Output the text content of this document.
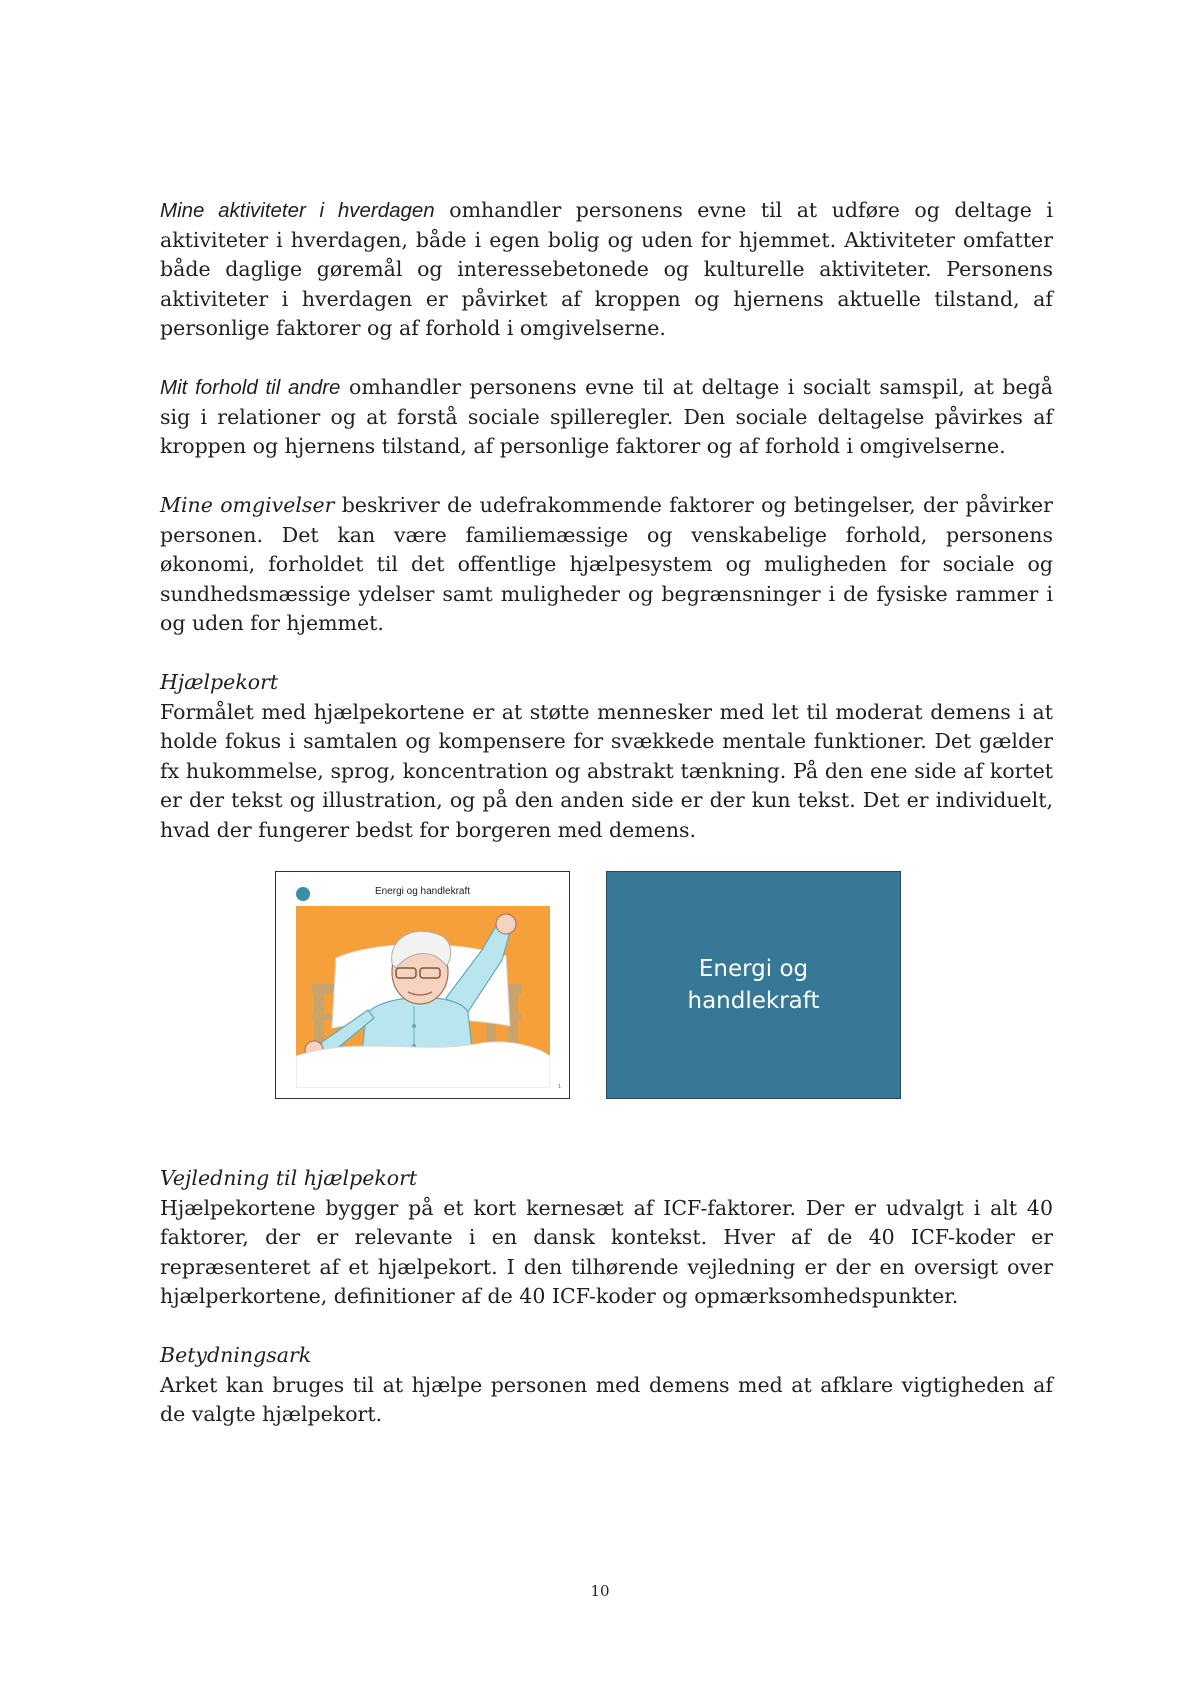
Mine aktiviteter i hverdagen omhandler personens evne til at udføre og deltage i aktiviteter i hverdagen, både i egen bolig og uden for hjemmet. Aktiviteter omfatter både daglige gøremål og interessebetonede og kulturelle aktiviteter. Personens aktiviteter i hverdagen er påvirket af kroppen og hjernens aktuelle tilstand, af personlige faktorer og af forhold i omgivelserne.

Mit forhold til andre omhandler personens evne til at deltage i socialt samspil, at begå sig i relationer og at forstå sociale spilleregler. Den sociale deltagelse påvirkes af kroppen og hjernens tilstand, af personlige faktorer og af forhold i omgivelserne.

Mine omgivelser beskriver de udefrakommende faktorer og betingelser, der påvirker personen. Det kan være familiemæssige og venskabelige forhold, personens økonomi, forholdet til det offentlige hjælpesystem og muligheden for sociale og sundhedsmæssige ydelser samt muligheder og begrænsninger i de fysiske rammer i og uden for hjemmet.

Hjælpekort
Formålet med hjælpekortene er at støtte mennesker med let til moderat demens i at holde fokus i samtalen og kompensere for svækkede mentale funktioner. Det gælder fx hukommelse, sprog, koncentration og abstrakt tænkning. På den ene side af kortet er der tekst og illustration, og på den anden side er der kun tekst. Det er individuelt, hvad der fungerer bedst for borgeren med demens.

Energi og handlekraft
1
Energi og handlekraft

Vejledning til hjælpekort
Hjælpekortene bygger på et kort kernesæt af ICF-faktorer. Der er udvalgt i alt 40 faktorer, der er relevante i en dansk kontekst. Hver af de 40 ICF-koder er repræsenteret af et hjælpekort. I den tilhørende vejledning er der en oversigt over hjælperkortene, definitioner af de 40 ICF-koder og opmærksomhedspunkter.

Betydningsark
Arket kan bruges til at hjælpe personen med demens med at afklare vigtigheden af de valgte hjælpekort.

10
